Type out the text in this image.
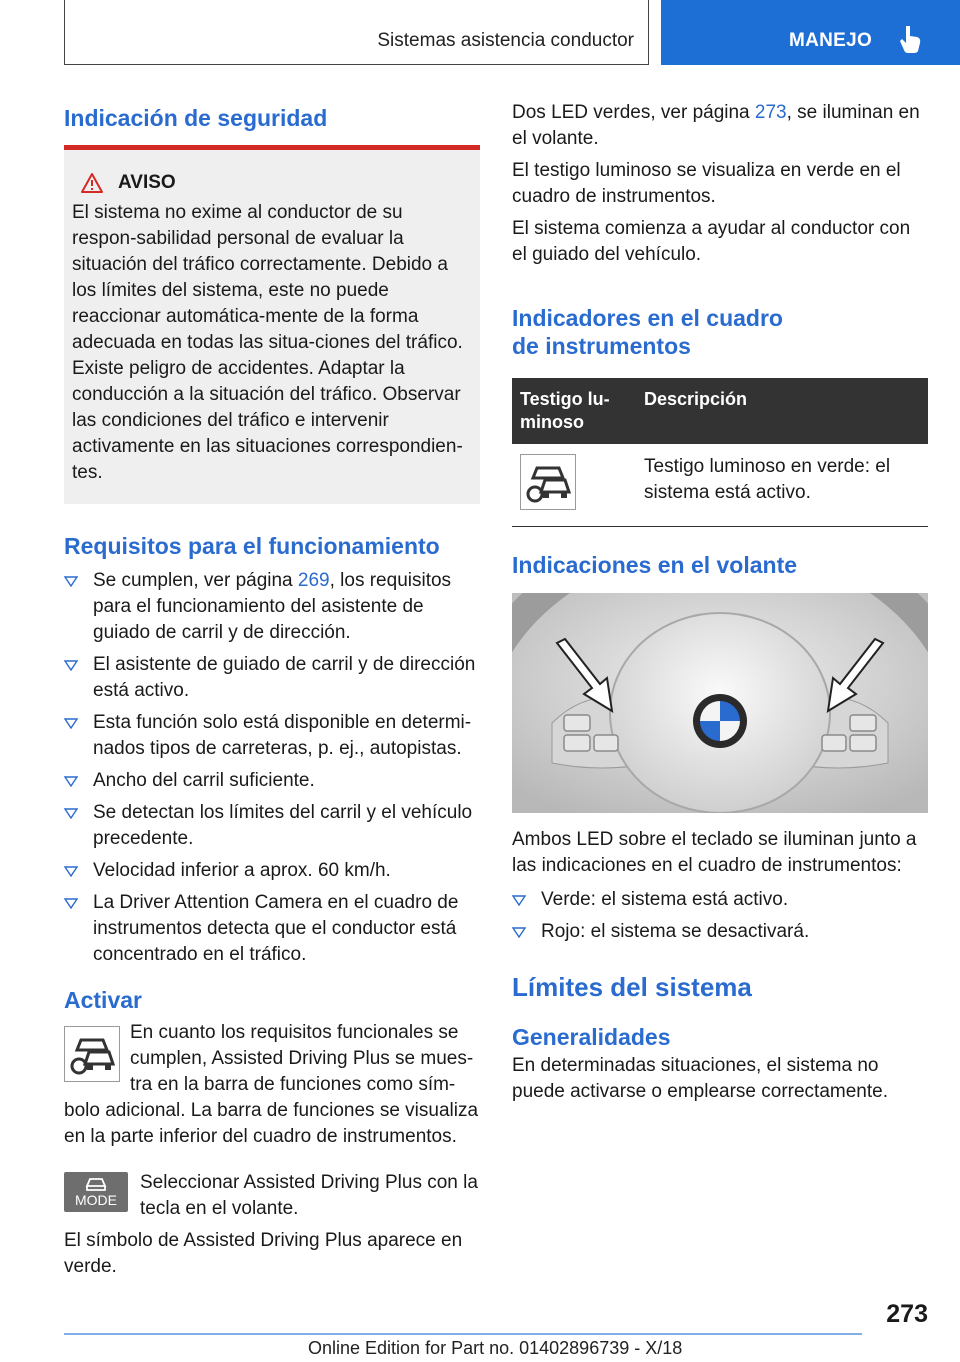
Sistemas asistencia conductor	MANEJO
Indicación de seguridad
AVISO

El sistema no exime al conductor de su respon-sabilidad personal de evaluar la situación del tráfico correctamente. Debido a los límites del sistema, este no puede reaccionar automática-mente de la forma adecuada en todas las situa-ciones del tráfico. Existe peligro de accidentes. Adaptar la conducción a la situación del tráfico. Observar las condiciones del tráfico e intervenir activamente en las situaciones correspondien-tes.

Requisitos para el funcionamiento
Se cumplen, ver página 269, los requisitos para el funcionamiento del asistente de guiado de carril y de dirección.
El asistente de guiado de carril y de dirección está activo.
Esta función solo está disponible en determi-nados tipos de carreteras, p. ej., autopistas.
Ancho del carril suficiente.
Se detectan los límites del carril y el vehículo precedente.
Velocidad inferior a aprox. 60 km/h.
La Driver Attention Camera en el cuadro de instrumentos detecta que el conductor está concentrado en el tráfico.
Activar

En cuanto los requisitos funcionales se cumplen, Assisted Driving Plus se mues-tra en la barra de funciones como sím-

bolo adicional. La barra de funciones se visualiza en la parte inferior del cuadro de instrumentos.

MODE

Seleccionar Assisted Driving Plus con la tecla en el volante.

El símbolo de Assisted Driving Plus aparece en verde.

Dos LED verdes, ver página 273, se iluminan en el volante.

El testigo luminoso se visualiza en verde en el cuadro de instrumentos.

El sistema comienza a ayudar al conductor con el guiado del vehículo.

Indicadores en el cuadro
de instrumentos
Testigo lu-minoso	Descripción

	Testigo luminoso en verde: el sistema está activo.
Indicaciones en el volante

Ambos LED sobre el teclado se iluminan junto a las indicaciones en el cuadro de instrumentos:

Verde: el sistema está activo.
Rojo: el sistema se desactivará.
Límites del sistema
Generalidades

En determinadas situaciones, el sistema no puede activarse o emplearse correctamente.

273
Online Edition for Part no. 01402896739 - X/18
